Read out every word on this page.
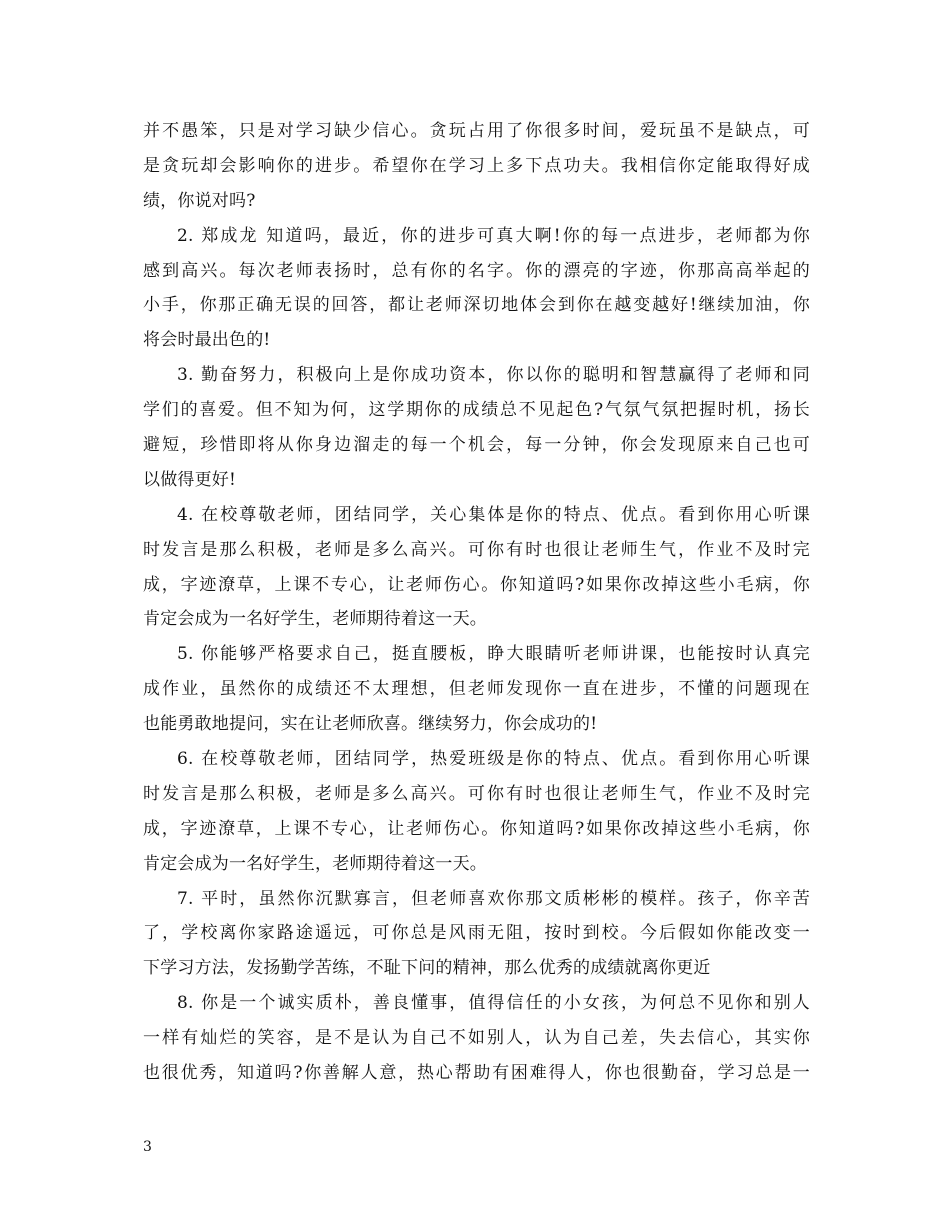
并不愚笨，只是对学习缺少信心。贪玩占用了你很多时间，爱玩虽不是缺点，可
是贪玩却会影响你的进步。希望你在学习上多下点功夫。我相信你定能取得好成
绩，你说对吗?
2. 郑成龙 知道吗，最近，你的进步可真大啊!你的每一点进步，老师都为你
感到高兴。每次老师表扬时，总有你的名字。你的漂亮的字迹，你那高高举起的
小手，你那正确无误的回答，都让老师深切地体会到你在越变越好!继续加油，你
将会时最出色的!
3. 勤奋努力，积极向上是你成功资本，你以你的聪明和智慧赢得了老师和同
学们的喜爱。但不知为何，这学期你的成绩总不见起色?气氛气氛把握时机，扬长
避短，珍惜即将从你身边溜走的每一个机会，每一分钟，你会发现原来自己也可
以做得更好!
4. 在校尊敬老师，团结同学，关心集体是你的特点、优点。看到你用心听课
时发言是那么积极，老师是多么高兴。可你有时也很让老师生气，作业不及时完
成，字迹潦草，上课不专心，让老师伤心。你知道吗?如果你改掉这些小毛病，你
肯定会成为一名好学生，老师期待着这一天。
5. 你能够严格要求自己，挺直腰板，睁大眼睛听老师讲课，也能按时认真完
成作业，虽然你的成绩还不太理想，但老师发现你一直在进步，不懂的问题现在
也能勇敢地提问，实在让老师欣喜。继续努力，你会成功的!
6. 在校尊敬老师，团结同学，热爱班级是你的特点、优点。看到你用心听课
时发言是那么积极，老师是多么高兴。可你有时也很让老师生气，作业不及时完
成，字迹潦草，上课不专心，让老师伤心。你知道吗?如果你改掉这些小毛病，你
肯定会成为一名好学生，老师期待着这一天。
7. 平时，虽然你沉默寡言，但老师喜欢你那文质彬彬的模样。孩子，你辛苦
了，学校离你家路途遥远，可你总是风雨无阻，按时到校。今后假如你能改变一
下学习方法，发扬勤学苦练，不耻下问的精神，那么优秀的成绩就离你更近
8. 你是一个诚实质朴，善良懂事，值得信任的小女孩，为何总不见你和别人
一样有灿烂的笑容，是不是认为自己不如别人，认为自己差，失去信心，其实你
也很优秀，知道吗?你善解人意，热心帮助有困难得人，你也很勤奋，学习总是一
3
